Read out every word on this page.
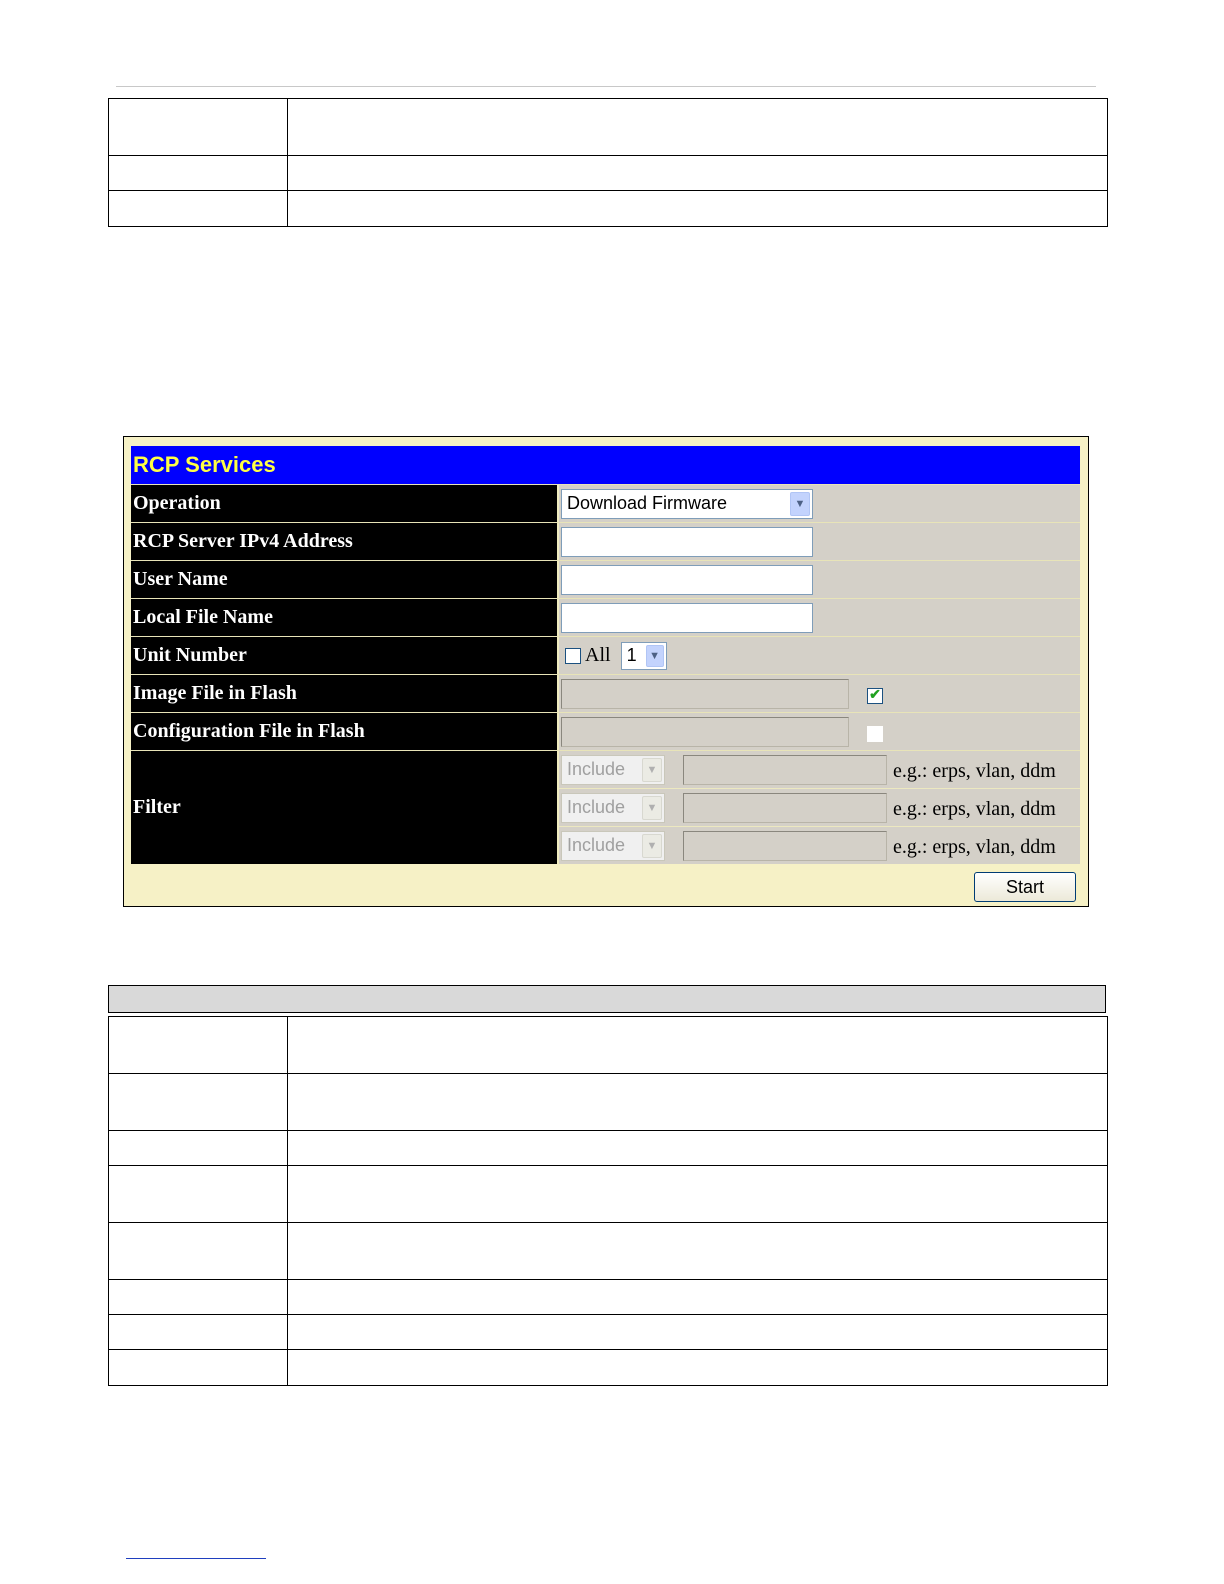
RCP Services
Operation	Download Firmware	▼
RCP Server IPv4 Address
User Name
Local File Name
Unit Number	All 1	▼
Image File in Flash	✔
Configuration File in Flash
Filter
Include	▼	e.g.: erps, vlan, ddm
Include	▼	e.g.: erps, vlan, ddm
Include	▼	e.g.: erps, vlan, ddm
Start
